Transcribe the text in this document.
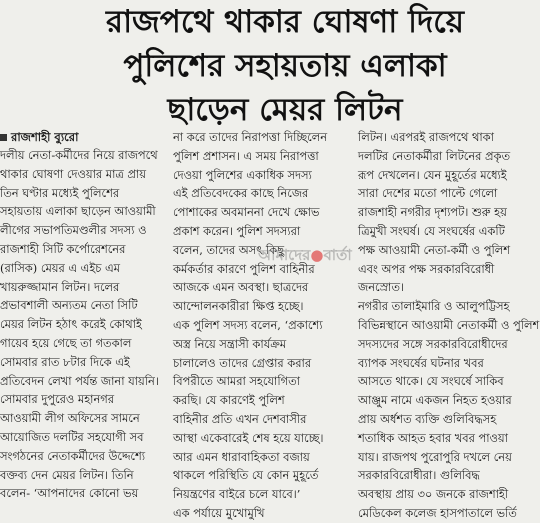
রাজপথে থাকার ঘোষণা দিয়ে
পুলিশের সহায়তায় এলাকা
ছাড়েন মেয়র লিটন
রাজশাহী ব্যুরো
দলীয় নেতা-কর্মীদের নিয়ে রাজপথে
থাকার ঘোষণা দেওয়ার মাত্র প্রায়
তিন ঘণ্টার মধ্যেই পুলিশের
সহায়তায় এলাকা ছাড়েন আওয়ামী
লীগের সভাপতিমণ্ডলীর সদস্য ও
রাজশাহী সিটি কর্পোরেশনের
(রাসিক) মেয়র এ এইচ এম
খায়রুজ্জামান লিটন। দলের
প্রভাবশালী অন্যতম নেতা সিটি
মেয়র লিটন হঠাৎ করেই কোথাই
গায়েব হয়ে গেছে তা গতকাল
সোমবার রাত ৮টার দিকে এই
প্রতিবেদন লেখা পর্যন্ত জানা যায়নি।
সোমবার দুপুরেও মহানগর
আওয়ামী লীগ অফিসের সামনে
আয়োজিত দলটির সহযোগী সব
সংগঠনের নেতাকর্মীদের উদ্দেশ্যে
বক্তব্য দেন মেয়র লিটন। তিনি
বলেন- ‘আপনাদের কোনো ভয়
না করে তাদের নিরাপত্তা দিচ্ছিলেন
পুলিশ প্রশাসন। এ সময় নিরাপত্তা
দেওয়া পুলিশের একাধিক সদস্য
এই প্রতিবেদকের কাছে নিজের
পোশাকের অবমাননা দেখে ক্ষোভ
প্রকাশ করেন। পুলিশ সদস্যরা
বলেন, তাদের অসৎ কিছু
কর্মকর্তার কারণে পুলিশ বাহিনীর
আজকে এমন অবস্থা। ছাত্রদের
আন্দোলনকারীরা ক্ষিপ্ত হচ্ছে।
এক পুলিশ সদস্য বলেন, ‘প্রকাশ্যে
অস্ত্র নিয়ে সন্ত্রাসী কার্যক্রম
চালালেও তাদের গ্রেপ্তার করার
বিপরীতে আমরা সহযোগিতা
করছি। যে কারণেই পুলিশ
বাহিনীর প্রতি এখন দেশবাসীর
আস্থা একেবারেই শেষ হয়ে যাচ্ছে।
আর এমন ধারাবাহিকতা বজায়
থাকলে পরিস্থিতি যে কোন মুহূর্তে
নিয়ন্ত্রণের বাইরে চলে যাবে।’
এক পর্যায়ে মুখোমুখি
লিটন। এরপরই রাজপথে থাকা
দলটির নেতাকর্মীরা লিটনের প্রকৃত
রূপ দেখলেন। যেন মুহূর্তের মধ্যেই
সারা দেশের মতো পাল্টে গেলো
রাজশাহী নগরীর দৃশ্যপট। শুরু হয়
ত্রিমুখী সংঘর্ষ। যে সংঘর্ষের একটি
পক্ষ আওয়ামী নেতা-কর্মী ও পুলিশ
এবং অপর পক্ষ সরকারবিরোধী
জনস্রোত।
নগরীর তালাইমারি ও আলুপট্টিসহ
বিভিন্নস্থানে আওয়ামী নেতাকর্মী ও পুলিশ
সদস্যদের সঙ্গে সরকারবিরোধীদের
ব্যাপক সংঘর্ষের ঘটনার খবর
আসতে থাকে। যে সংঘর্ষে সাকিব
আঞ্জুম নামে একজন নিহত হওয়ার
প্রায় অর্ধশত ব্যক্তি গুলিবিদ্ধসহ
শতাধিক আহত হবার খবর পাওয়া
যায়। রাজপথ পুরোপুরি দখলে নেয়
সরকারবিরোধীরা। গুলিবিদ্ধ
অবস্থায় প্রায় ৩০ জনকে রাজশাহী
মেডিকেল কলেজ হাসপাতালে ভর্তি
আমাদের●বার্তা
